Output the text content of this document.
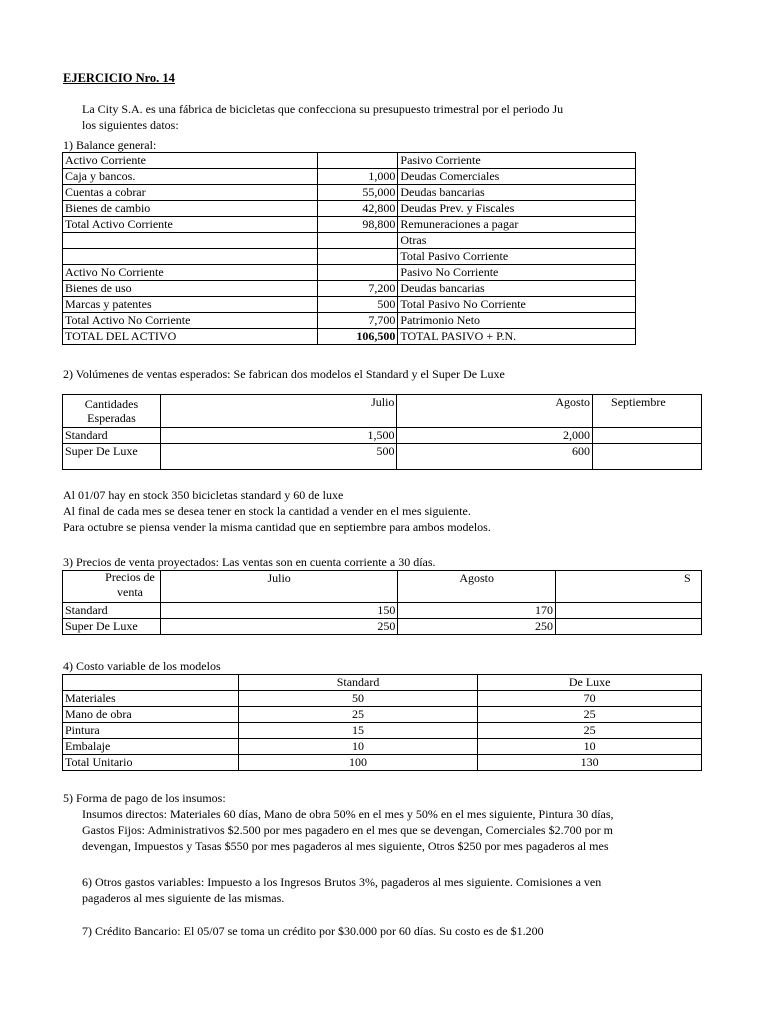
EJERCICIO Nro. 14
La City S.A. es una fábrica de bicicletas que confecciona su presupuesto trimestral por el periodo Ju
los siguientes datos:
1) Balance general:
Activo Corriente		Pasivo Corriente
Caja y bancos.	1,000	Deudas Comerciales
Cuentas a cobrar	55,000	Deudas bancarias
Bienes de cambio	42,800	Deudas Prev. y Fiscales
Total Activo Corriente	98,800	Remuneraciones a pagar
		Otras
		Total Pasivo Corriente
Activo No Corriente		Pasivo No Corriente
Bienes de uso	7,200	Deudas bancarias
Marcas y patentes	500	Total Pasivo No Corriente
Total Activo No Corriente	7,700	Patrimonio Neto
TOTAL DEL ACTIVO	106,500	TOTAL PASIVO + P.N.
2) Volúmenes de ventas esperados: Se fabrican dos modelos el Standard y el Super De Luxe
Cantidades Esperadas	Julio	Agosto	Septiembre
Standard	1,500	2,000	
Super De Luxe	500	600	
Al 01/07 hay en stock 350 bicicletas standard y 60 de luxe
Al final de cada mes se desea tener en stock la cantidad a vender en el mes siguiente.
Para octubre se piensa vender la misma cantidad que en septiembre para ambos modelos.
3) Precios de venta proyectados: Las ventas son en cuenta corriente a 30 días.
	Julio	Agosto	S
Standard	150	170	
Super De Luxe	250	250	
Precios de venta
4) Costo variable de los modelos
	Standard	De Luxe
Materiales	50	70
Mano de obra	25	25
Pintura	15	25
Embalaje	10	10
Total Unitario	100	130
5) Forma de pago de los insumos:
Insumos directos: Materiales 60 días, Mano de obra 50% en el mes y 50% en el mes siguiente, Pintura 30 días,
Gastos Fijos: Administrativos $2.500 por mes pagadero en el mes que se devengan, Comerciales $2.700 por m
devengan, Impuestos y Tasas $550 por mes pagaderos al mes siguiente, Otros $250 por mes pagaderos al mes
6) Otros gastos variables: Impuesto a los Ingresos Brutos 3%, pagaderos al mes siguiente. Comisiones a ven
pagaderos al mes siguiente de las mismas.
7) Crédito Bancario: El 05/07 se toma un crédito por $30.000 por 60 días. Su costo es de $1.200
